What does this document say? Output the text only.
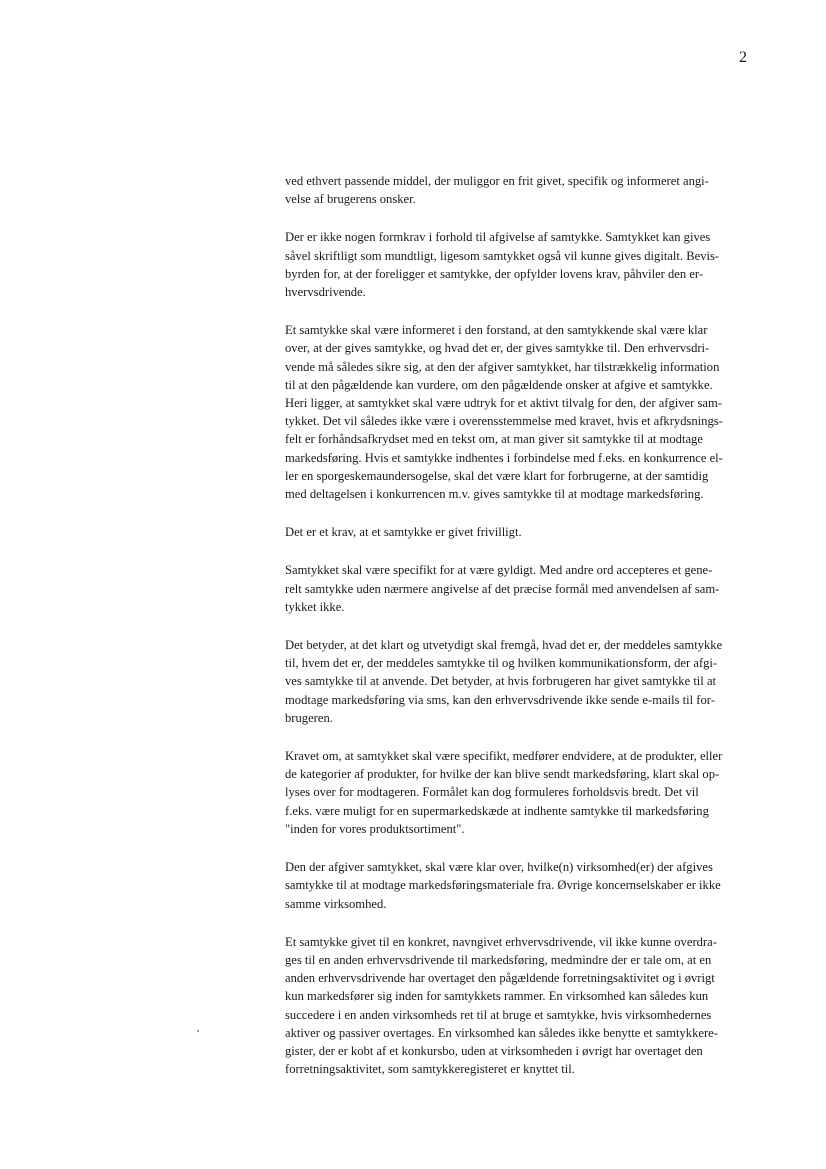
2

ved ethvert passende middel, der muliggor en frit givet, specifik og informeret angi-
velse af brugerens onsker.

Der er ikke nogen formkrav i forhold til afgivelse af samtykke. Samtykket kan gives
såvel skriftligt som mundtligt, ligesom samtykket også vil kunne gives digitalt. Bevis-
byrden for, at der foreligger et samtykke, der opfylder lovens krav, påhviler den er-
hvervsdrivende.

Et samtykke skal være informeret i den forstand, at den samtykkende skal være klar
over, at der gives samtykke, og hvad det er, der gives samtykke til. Den erhvervsdri-
vende må således sikre sig, at den der afgiver samtykket, har tilstrækkelig information
til at den pågældende kan vurdere, om den pågældende onsker at afgive et samtykke.
Heri ligger, at samtykket skal være udtryk for et aktivt tilvalg for den, der afgiver sam-
tykket. Det vil således ikke være i overensstemmelse med kravet, hvis et afkrydsnings-
felt er forhåndsafkrydset med en tekst om, at man giver sit samtykke til at modtage
markedsføring. Hvis et samtykke indhentes i forbindelse med f.eks. en konkurrence el-
ler en sporgeskemaundersogelse, skal det være klart for forbrugerne, at der samtidig
med deltagelsen i konkurrencen m.v. gives samtykke til at modtage markedsføring.

Det er et krav, at et samtykke er givet frivilligt.

Samtykket skal være specifikt for at være gyldigt. Med andre ord accepteres et gene-
relt samtykke uden nærmere angivelse af det præcise formål med anvendelsen af sam-
tykket ikke.

Det betyder, at det klart og utvetydigt skal fremgå, hvad det er, der meddeles samtykke
til, hvem det er, der meddeles samtykke til og hvilken kommunikationsform, der afgi-
ves samtykke til at anvende. Det betyder, at hvis forbrugeren har givet samtykke til at
modtage markedsføring via sms, kan den erhvervsdrivende ikke sende e-mails til for-
brugeren.

Kravet om, at samtykket skal være specifikt, medfører endvidere, at de produkter, eller
de kategorier af produkter, for hvilke der kan blive sendt markedsføring, klart skal op-
lyses over for modtageren. Formålet kan dog formuleres forholdsvis bredt. Det vil
f.eks. være muligt for en supermarkedskæde at indhente samtykke til markedsføring
"inden for vores produktsortiment".

Den der afgiver samtykket, skal være klar over, hvilke(n) virksomhed(er) der afgives
samtykke til at modtage markedsføringsmateriale fra. Øvrige koncernselskaber er ikke
samme virksomhed.

Et samtykke givet til en konkret, navngivet erhvervsdrivende, vil ikke kunne overdra-
ges til en anden erhvervsdrivende til markedsføring, medmindre der er tale om, at en
anden erhvervsdrivende har overtaget den pågældende forretningsaktivitet og i øvrigt
kun markedsfører sig inden for samtykkets rammer. En virksomhed kan således kun
succedere i en anden virksomheds ret til at bruge et samtykke, hvis virksomhedernes
aktiver og passiver overtages. En virksomhed kan således ikke benytte et samtykkere-
gister, der er kobt af et konkursbo, uden at virksomheden i øvrigt har overtaget den
forretningsaktivitet, som samtykkeregisteret er knyttet til.
